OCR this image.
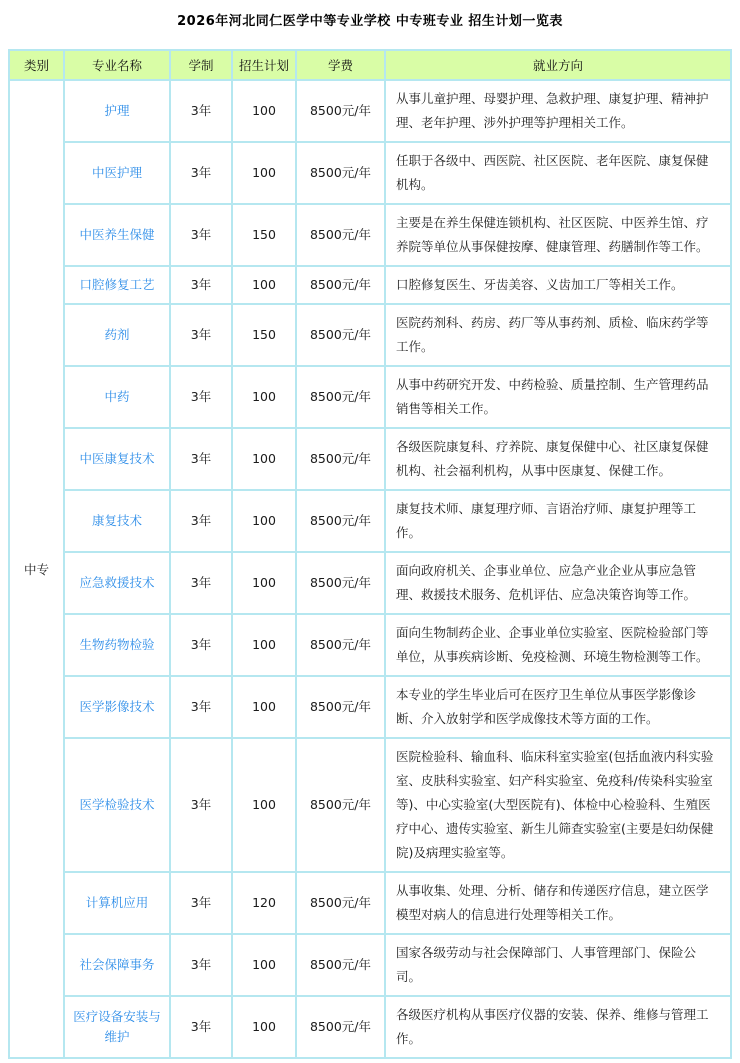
2026年河北同仁医学中等专业学校 中专班专业 招生计划一览表
类别	专业名称	学制	招生计划	学费	就业方向
中专	护理	3年	100	8500元/年	从事儿童护理、母婴护理、急救护理、康复护理、精神护理、老年护理、涉外护理等护理相关工作。
	中医护理	3年	100	8500元/年	任职于各级中、西医院、社区医院、老年医院、康复保健机构。
	中医养生保健	3年	150	8500元/年	主要是在养生保健连锁机构、社区医院、中医养生馆、疗养院等单位从事保健按摩、健康管理、药膳制作等工作。
	口腔修复工艺	3年	100	8500元/年	口腔修复医生、牙齿美容、义齿加工厂等相关工作。
	药剂	3年	150	8500元/年	医院药剂科、药房、药厂等从事药剂、质检、临床药学等工作。
	中药	3年	100	8500元/年	从事中药研究开发、中药检验、质量控制、生产管理药品销售等相关工作。
	中医康复技术	3年	100	8500元/年	各级医院康复科、疗养院、康复保健中心、社区康复保健机构、社会福利机构，从事中医康复、保健工作。
	康复技术	3年	100	8500元/年	康复技术师、康复理疗师、言语治疗师、康复护理等工作。
	应急救援技术	3年	100	8500元/年	面向政府机关、企事业单位、应急产业企业从事应急管理、救援技术服务、危机评估、应急决策咨询等工作。
	生物药物检验	3年	100	8500元/年	面向生物制药企业、企事业单位实验室、医院检验部门等单位，从事疾病诊断、免疫检测、环境生物检测等工作。
	医学影像技术	3年	100	8500元/年	本专业的学生毕业后可在医疗卫生单位从事医学影像诊断、介入放射学和医学成像技术等方面的工作。
	医学检验技术	3年	100	8500元/年	医院检验科、输血科、临床科室实验室(包括血液内科实验室、皮肤科实验室、妇产科实验室、免疫科/传染科实验室等)、中心实验室(大型医院有)、体检中心检验科、生殖医疗中心、遗传实验室、新生儿筛查实验室(主要是妇幼保健院)及病理实验室等。
	计算机应用	3年	120	8500元/年	从事收集、处理、分析、储存和传递医疗信息，建立医学模型对病人的信息进行处理等相关工作。
	社会保障事务	3年	100	8500元/年	国家各级劳动与社会保障部门、人事管理部门、保险公司。
	医疗设备安装与维护	3年	100	8500元/年	各级医疗机构从事医疗仪器的安装、保养、维修与管理工作。
